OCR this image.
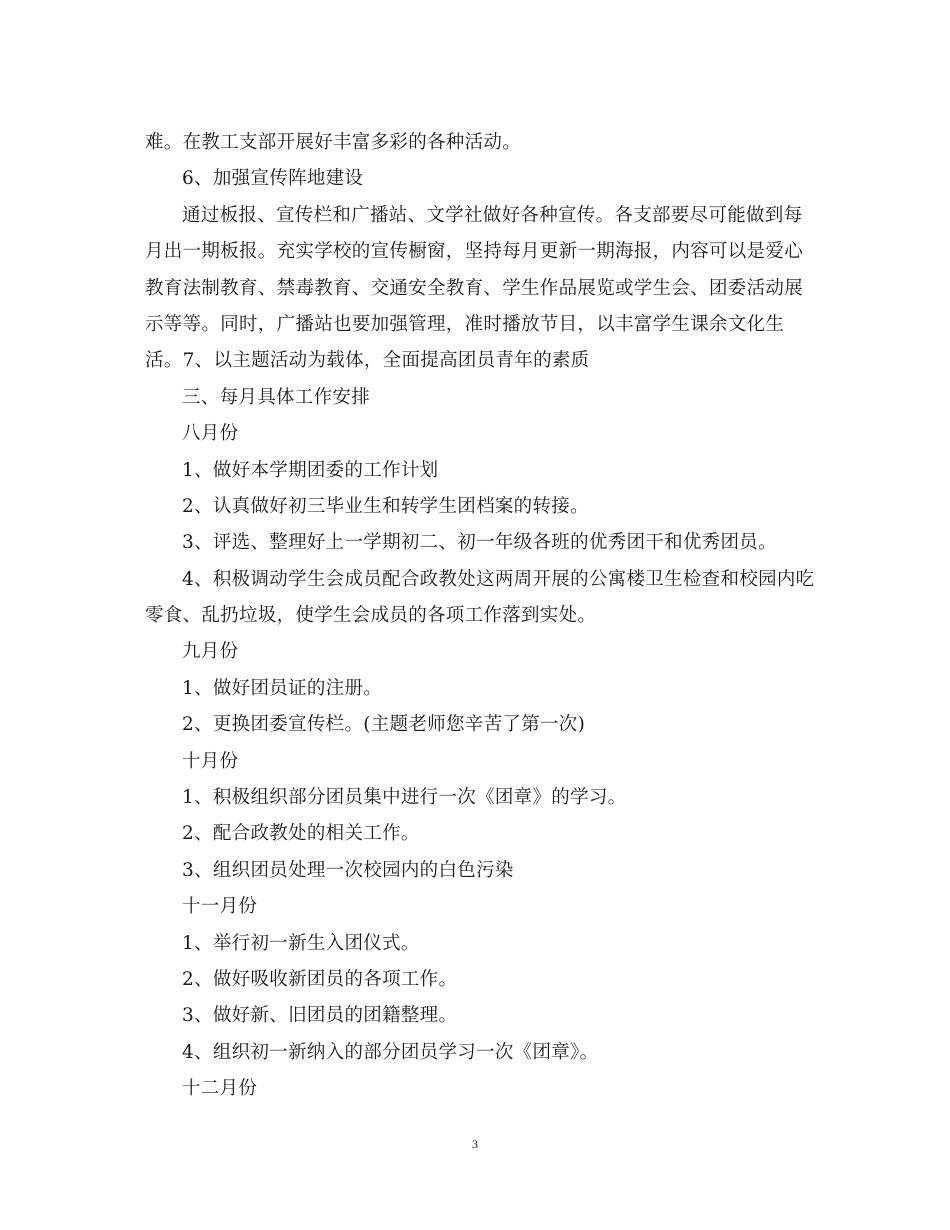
难。在教工支部开展好丰富多彩的各种活动。
6、加强宣传阵地建设
通过板报、宣传栏和广播站、文学社做好各种宣传。各支部要尽可能做到每
月出一期板报。充实学校的宣传橱窗，坚持每月更新一期海报，内容可以是爱心
教育法制教育、禁毒教育、交通安全教育、学生作品展览或学生会、团委活动展
示等等。同时，广播站也要加强管理，准时播放节目，以丰富学生课余文化生
活。7、以主题活动为载体，全面提高团员青年的素质
三、每月具体工作安排
八月份
1、做好本学期团委的工作计划
2、认真做好初三毕业生和转学生团档案的转接。
3、评选、整理好上一学期初二、初一年级各班的优秀团干和优秀团员。
4、积极调动学生会成员配合政教处这两周开展的公寓楼卫生检查和校园内吃
零食、乱扔垃圾，使学生会成员的各项工作落到实处。
九月份
1、做好团员证的注册。
2、更换团委宣传栏。(主题老师您辛苦了第一次)
十月份
1、积极组织部分团员集中进行一次《团章》的学习。
2、配合政教处的相关工作。
3、组织团员处理一次校园内的白色污染
十一月份
1、举行初一新生入团仪式。
2、做好吸收新团员的各项工作。
3、做好新、旧团员的团籍整理。
4、组织初一新纳入的部分团员学习一次《团章》。
十二月份
3
